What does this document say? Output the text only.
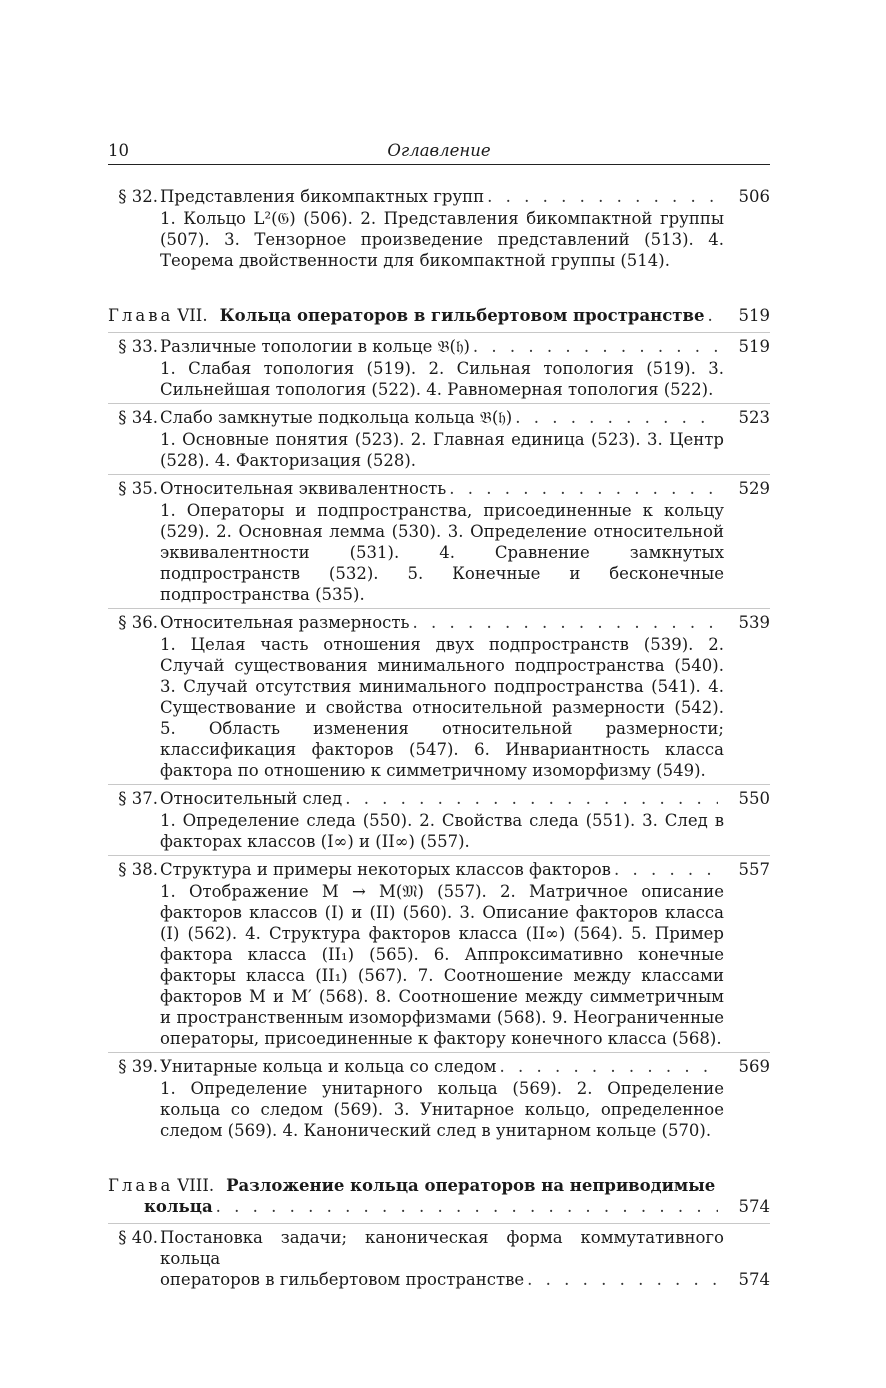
10	Оглавление
§ 32. Представления бикомпактных групп . . .	506
1. Кольцо L²(𝔊) (506). 2. Представления бикомпактной группы (507). 3. Тензорное произведение представлений (513). 4. Теорема двойственности для бикомпактной группы (514).
Глава VII. Кольца операторов в гильбертовом пространстве . . .	519
§ 33. Различные топологии в кольце 𝔅(𝔥) . . .	519
1. Слабая топология (519). 2. Сильная топология (519). 3. Сильнейшая топология (522). 4. Равномерная топология (522).
§ 34. Слабо замкнутые подкольца кольца 𝔅(𝔥) . . .	523
1. Основные понятия (523). 2. Главная единица (523). 3. Центр (528). 4. Факторизация (528).
§ 35. Относительная эквивалентность . . .	529
1. Операторы и подпространства, присоединенные к кольцу (529). 2. Основная лемма (530). 3. Определение относительной эквивалентности (531). 4. Сравнение замкнутых подпространств (532). 5. Конечные и бесконечные подпространства (535).
§ 36. Относительная размерность . . .	539
1. Целая часть отношения двух подпространств (539). 2. Случай существования минимального подпространства (540). 3. Случай отсутствия минимального подпространства (541). 4. Существование и свойства относительной размерности (542). 5. Область изменения относительной размерности; классификация факторов (547). 6. Инвариантность класса фактора по отношению к симметричному изоморфизму (549).
§ 37. Относительный след . . .	550
1. Определение следа (550). 2. Свойства следа (551). 3. След в факторах классов (I∞) и (II∞) (557).
§ 38. Структура и примеры некоторых классов факторов . . .	557
1. Отображение M → M(𝔐) (557). 2. Матричное описание факторов классов (I) и (II) (560). 3. Описание факторов класса (I) (562). 4. Структура факторов класса (II∞) (564). 5. Пример фактора класса (II₁) (565). 6. Аппроксимативно конечные факторы класса (II₁) (567). 7. Соотношение между классами факторов M и M′ (568). 8. Соотношение между симметричным и пространственным изоморфизмами (568). 9. Неограниченные операторы, присоединенные к фактору конечного класса (568).
§ 39. Унитарные кольца и кольца со следом . . .	569
1. Определение унитарного кольца (569). 2. Определение кольца со следом (569). 3. Унитарное кольцо, определенное следом (569). 4. Канонический след в унитарном кольце (570).
Глава VIII. Разложение кольца операторов на неприводимые
кольца . . .	574
§ 40. Постановка задачи; каноническая форма коммутативного кольца
операторов в гильбертовом пространстве . . .	574
